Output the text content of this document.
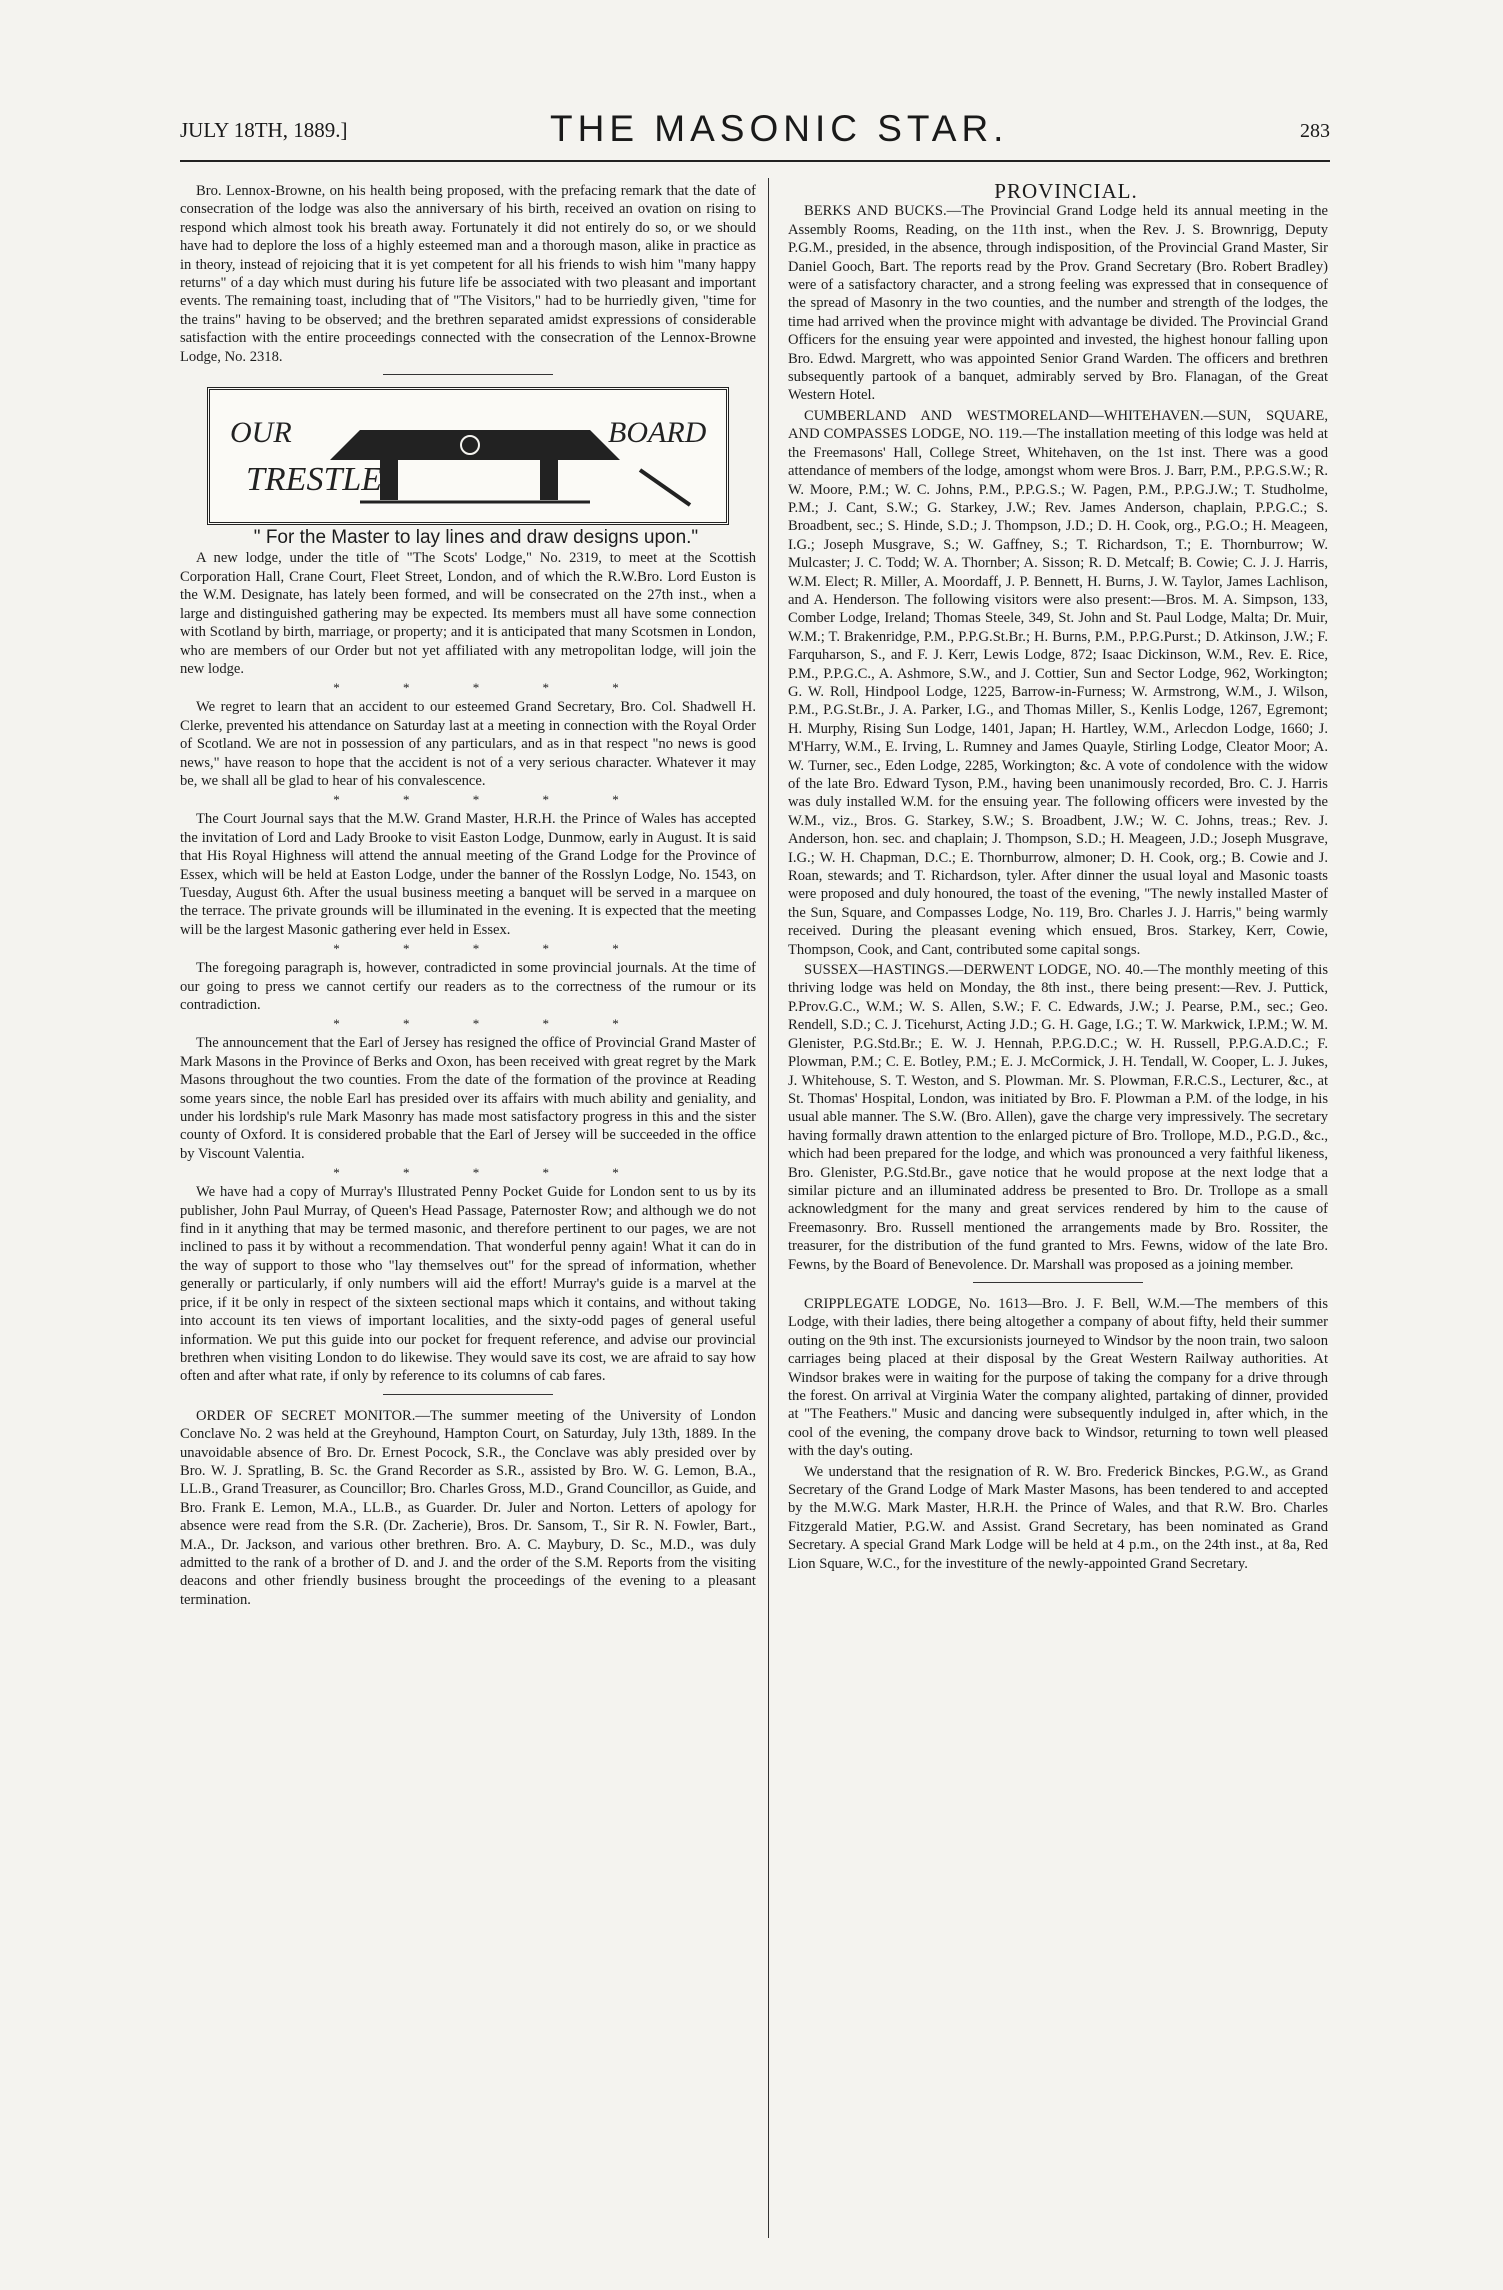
JULY 18TH, 1889.]	THE MASONIC STAR.	283

Bro. Lennox-Browne, on his health being proposed, with the prefacing remark that the date of consecration of the lodge was also the anniversary of his birth, received an ovation on rising to respond which almost took his breath away. Fortunately it did not entirely do so, or we should have had to deplore the loss of a highly esteemed man and a thorough mason, alike in practice as in theory, instead of rejoicing that it is yet competent for all his friends to wish him "many happy returns" of a day which must during his future life be associated with two pleasant and important events. The remaining toast, including that of "The Visitors," had to be hurriedly given, "time for the trains" having to be observed; and the brethren separated amidst expressions of considerable satisfaction with the entire proceedings connected with the consecration of the Lennox-Browne Lodge, No. 2318.

OUR
TRESTLE
BOARD

" For the Master to lay lines and draw designs upon."

A new lodge, under the title of "The Scots' Lodge," No. 2319, to meet at the Scottish Corporation Hall, Crane Court, Fleet Street, London, and of which the R.W.Bro. Lord Euston is the W.M. Designate, has lately been formed, and will be consecrated on the 27th inst., when a large and distinguished gathering may be expected. Its members must all have some connection with Scotland by birth, marriage, or property; and it is anticipated that many Scotsmen in London, who are members of our Order but not yet affiliated with any metropolitan lodge, will join the new lodge.

* * * * *

We regret to learn that an accident to our esteemed Grand Secretary, Bro. Col. Shadwell H. Clerke, prevented his attendance on Saturday last at a meeting in connection with the Royal Order of Scotland. We are not in possession of any particulars, and as in that respect "no news is good news," have reason to hope that the accident is not of a very serious character. Whatever it may be, we shall all be glad to hear of his convalescence.

* * * * *

The Court Journal says that the M.W. Grand Master, H.R.H. the Prince of Wales has accepted the invitation of Lord and Lady Brooke to visit Easton Lodge, Dunmow, early in August. It is said that His Royal Highness will attend the annual meeting of the Grand Lodge for the Province of Essex, which will be held at Easton Lodge, under the banner of the Rosslyn Lodge, No. 1543, on Tuesday, August 6th. After the usual business meeting a banquet will be served in a marquee on the terrace. The private grounds will be illuminated in the evening. It is expected that the meeting will be the largest Masonic gathering ever held in Essex.

* * * * *

The foregoing paragraph is, however, contradicted in some provincial journals. At the time of our going to press we cannot certify our readers as to the correctness of the rumour or its contradiction.

* * * * *

The announcement that the Earl of Jersey has resigned the office of Provincial Grand Master of Mark Masons in the Province of Berks and Oxon, has been received with great regret by the Mark Masons throughout the two counties. From the date of the formation of the province at Reading some years since, the noble Earl has presided over its affairs with much ability and geniality, and under his lordship's rule Mark Masonry has made most satisfactory progress in this and the sister county of Oxford. It is considered probable that the Earl of Jersey will be succeeded in the office by Viscount Valentia.

* * * * *

We have had a copy of Murray's Illustrated Penny Pocket Guide for London sent to us by its publisher, John Paul Murray, of Queen's Head Passage, Paternoster Row; and although we do not find in it anything that may be termed masonic, and therefore pertinent to our pages, we are not inclined to pass it by without a recommendation. That wonderful penny again! What it can do in the way of support to those who "lay themselves out" for the spread of information, whether generally or particularly, if only numbers will aid the effort! Murray's guide is a marvel at the price, if it be only in respect of the sixteen sectional maps which it contains, and without taking into account its ten views of important localities, and the sixty-odd pages of general useful information. We put this guide into our pocket for frequent reference, and advise our provincial brethren when visiting London to do likewise. They would save its cost, we are afraid to say how often and after what rate, if only by reference to its columns of cab fares.

ORDER OF SECRET MONITOR.—The summer meeting of the University of London Conclave No. 2 was held at the Greyhound, Hampton Court, on Saturday, July 13th, 1889. In the unavoidable absence of Bro. Dr. Ernest Pocock, S.R., the Conclave was ably presided over by Bro. W. J. Spratling, B. Sc. the Grand Recorder as S.R., assisted by Bro. W. G. Lemon, B.A., LL.B., Grand Treasurer, as Councillor; Bro. Charles Gross, M.D., Grand Councillor, as Guide, and Bro. Frank E. Lemon, M.A., LL.B., as Guarder. Dr. Juler and Norton. Letters of apology for absence were read from the S.R. (Dr. Zacherie), Bros. Dr. Sansom, T., Sir R. N. Fowler, Bart., M.A., Dr. Jackson, and various other brethren. Bro. A. C. Maybury, D. Sc., M.D., was duly admitted to the rank of a brother of D. and J. and the order of the S.M. Reports from the visiting deacons and other friendly business brought the proceedings of the evening to a pleasant termination.

PROVINCIAL.

BERKS AND BUCKS.—The Provincial Grand Lodge held its annual meeting in the Assembly Rooms, Reading, on the 11th inst., when the Rev. J. S. Brownrigg, Deputy P.G.M., presided, in the absence, through indisposition, of the Provincial Grand Master, Sir Daniel Gooch, Bart. The reports read by the Prov. Grand Secretary (Bro. Robert Bradley) were of a satisfactory character, and a strong feeling was expressed that in consequence of the spread of Masonry in the two counties, and the number and strength of the lodges, the time had arrived when the province might with advantage be divided. The Provincial Grand Officers for the ensuing year were appointed and invested, the highest honour falling upon Bro. Edwd. Margrett, who was appointed Senior Grand Warden. The officers and brethren subsequently partook of a banquet, admirably served by Bro. Flanagan, of the Great Western Hotel.

CUMBERLAND AND WESTMORELAND—WHITEHAVEN.—SUN, SQUARE, AND COMPASSES LODGE, NO. 119.—The installation meeting of this lodge was held at the Freemasons' Hall, College Street, Whitehaven, on the 1st inst. There was a good attendance of members of the lodge, amongst whom were Bros. J. Barr, P.M., P.P.G.S.W.; R. W. Moore, P.M.; W. C. Johns, P.M., P.P.G.S.; W. Pagen, P.M., P.P.G.J.W.; T. Studholme, P.M.; J. Cant, S.W.; G. Starkey, J.W.; Rev. James Anderson, chaplain, P.P.G.C.; S. Broadbent, sec.; S. Hinde, S.D.; J. Thompson, J.D.; D. H. Cook, org., P.G.O.; H. Meageen, I.G.; Joseph Musgrave, S.; W. Gaffney, S.; T. Richardson, T.; E. Thornburrow; W. Mulcaster; J. C. Todd; W. A. Thornber; A. Sisson; R. D. Metcalf; B. Cowie; C. J. J. Harris, W.M. Elect; R. Miller, A. Moordaff, J. P. Bennett, H. Burns, J. W. Taylor, James Lachlison, and A. Henderson. The following visitors were also present:—Bros. M. A. Simpson, 133, Comber Lodge, Ireland; Thomas Steele, 349, St. John and St. Paul Lodge, Malta; Dr. Muir, W.M.; T. Brakenridge, P.M., P.P.G.St.Br.; H. Burns, P.M., P.P.G.Purst.; D. Atkinson, J.W.; F. Farquharson, S., and F. J. Kerr, Lewis Lodge, 872; Isaac Dickinson, W.M., Rev. E. Rice, P.M., P.P.G.C., A. Ashmore, S.W., and J. Cottier, Sun and Sector Lodge, 962, Workington; G. W. Roll, Hindpool Lodge, 1225, Barrow-in-Furness; W. Armstrong, W.M., J. Wilson, P.M., P.G.St.Br., J. A. Parker, I.G., and Thomas Miller, S., Kenlis Lodge, 1267, Egremont; H. Murphy, Rising Sun Lodge, 1401, Japan; H. Hartley, W.M., Arlecdon Lodge, 1660; J. M'Harry, W.M., E. Irving, L. Rumney and James Quayle, Stirling Lodge, Cleator Moor; A. W. Turner, sec., Eden Lodge, 2285, Workington; &c. A vote of condolence with the widow of the late Bro. Edward Tyson, P.M., having been unanimously recorded, Bro. C. J. Harris was duly installed W.M. for the ensuing year. The following officers were invested by the W.M., viz., Bros. G. Starkey, S.W.; S. Broadbent, J.W.; W. C. Johns, treas.; Rev. J. Anderson, hon. sec. and chaplain; J. Thompson, S.D.; H. Meageen, J.D.; Joseph Musgrave, I.G.; W. H. Chapman, D.C.; E. Thornburrow, almoner; D. H. Cook, org.; B. Cowie and J. Roan, stewards; and T. Richardson, tyler. After dinner the usual loyal and Masonic toasts were proposed and duly honoured, the toast of the evening, "The newly installed Master of the Sun, Square, and Compasses Lodge, No. 119, Bro. Charles J. J. Harris," being warmly received. During the pleasant evening which ensued, Bros. Starkey, Kerr, Cowie, Thompson, Cook, and Cant, contributed some capital songs.

SUSSEX—HASTINGS.—DERWENT LODGE, NO. 40.—The monthly meeting of this thriving lodge was held on Monday, the 8th inst., there being present:—Rev. J. Puttick, P.Prov.G.C., W.M.; W. S. Allen, S.W.; F. C. Edwards, J.W.; J. Pearse, P.M., sec.; Geo. Rendell, S.D.; C. J. Ticehurst, Acting J.D.; G. H. Gage, I.G.; T. W. Markwick, I.P.M.; W. M. Glenister, P.G.Std.Br.; E. W. J. Hennah, P.P.G.D.C.; W. H. Russell, P.P.G.A.D.C.; F. Plowman, P.M.; C. E. Botley, P.M.; E. J. McCormick, J. H. Tendall, W. Cooper, L. J. Jukes, J. Whitehouse, S. T. Weston, and S. Plowman. Mr. S. Plowman, F.R.C.S., Lecturer, &c., at St. Thomas' Hospital, London, was initiated by Bro. F. Plowman a P.M. of the lodge, in his usual able manner. The S.W. (Bro. Allen), gave the charge very impressively. The secretary having formally drawn attention to the enlarged picture of Bro. Trollope, M.D., P.G.D., &c., which had been prepared for the lodge, and which was pronounced a very faithful likeness, Bro. Glenister, P.G.Std.Br., gave notice that he would propose at the next lodge that a similar picture and an illuminated address be presented to Bro. Dr. Trollope as a small acknowledgment for the many and great services rendered by him to the cause of Freemasonry. Bro. Russell mentioned the arrangements made by Bro. Rossiter, the treasurer, for the distribution of the fund granted to Mrs. Fewns, widow of the late Bro. Fewns, by the Board of Benevolence. Dr. Marshall was proposed as a joining member.

CRIPPLEGATE LODGE, No. 1613—Bro. J. F. Bell, W.M.—The members of this Lodge, with their ladies, there being altogether a company of about fifty, held their summer outing on the 9th inst. The excursionists journeyed to Windsor by the noon train, two saloon carriages being placed at their disposal by the Great Western Railway authorities. At Windsor brakes were in waiting for the purpose of taking the company for a drive through the forest. On arrival at Virginia Water the company alighted, partaking of dinner, provided at "The Feathers." Music and dancing were subsequently indulged in, after which, in the cool of the evening, the company drove back to Windsor, returning to town well pleased with the day's outing.

We understand that the resignation of R. W. Bro. Frederick Binckes, P.G.W., as Grand Secretary of the Grand Lodge of Mark Master Masons, has been tendered to and accepted by the M.W.G. Mark Master, H.R.H. the Prince of Wales, and that R.W. Bro. Charles Fitzgerald Matier, P.G.W. and Assist. Grand Secretary, has been nominated as Grand Secretary. A special Grand Mark Lodge will be held at 4 p.m., on the 24th inst., at 8a, Red Lion Square, W.C., for the investiture of the newly-appointed Grand Secretary.
